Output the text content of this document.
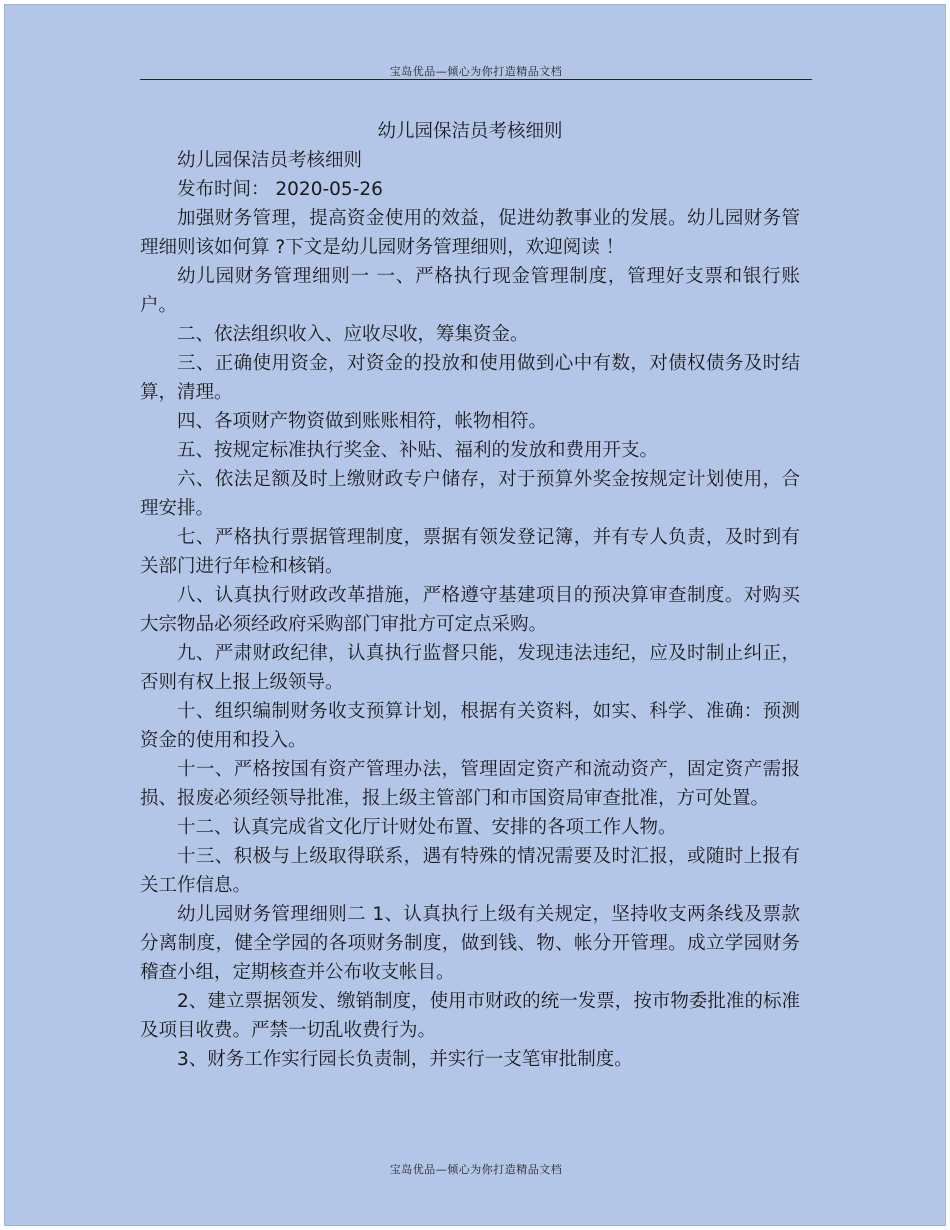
宝岛优品—倾心为你打造精品文档
幼儿园保洁员考核细则

幼儿园保洁员考核细则

发布时间： 2020-05-26

加强财务管理，提高资金使用的效益，促进幼教事业的发展。幼儿园财务管理细则该如何算 ?下文是幼儿园财务管理细则，欢迎阅读 ！

幼儿园财务管理细则一 一、严格执行现金管理制度，管理好支票和银行账户。

二、依法组织收入、应收尽收，筹集资金。

三、正确使用资金，对资金的投放和使用做到心中有数，对债权债务及时结算，清理。

四、各项财产物资做到账账相符，帐物相符。

五、按规定标准执行奖金、补贴、福利的发放和费用开支。

六、依法足额及时上缴财政专户储存，对于预算外奖金按规定计划使用，合理安排。

七、严格执行票据管理制度，票据有领发登记簿，并有专人负责，及时到有关部门进行年检和核销。

八、认真执行财政改革措施，严格遵守基建项目的预决算审查制度。对购买大宗物品必须经政府采购部门审批方可定点采购。

九、严肃财政纪律，认真执行监督只能，发现违法违纪，应及时制止纠正，否则有权上报上级领导。

十、组织编制财务收支预算计划，根据有关资料，如实、科学、准确：预测资金的使用和投入。

十一、严格按国有资产管理办法，管理固定资产和流动资产，固定资产需报损、报废必须经领导批准，报上级主管部门和市国资局审查批准，方可处置。

十二、认真完成省文化厅计财处布置、安排的各项工作人物。

十三、积极与上级取得联系，遇有特殊的情况需要及时汇报，或随时上报有关工作信息。

幼儿园财务管理细则二 1、认真执行上级有关规定，坚持收支两条线及票款分离制度，健全学园的各项财务制度，做到钱、物、帐分开管理。成立学园财务稽查小组，定期核查并公布收支帐目。

2、建立票据领发、缴销制度，使用市财政的统一发票，按市物委批准的标准及项目收费。严禁一切乱收费行为。

3、财务工作实行园长负责制，并实行一支笔审批制度。

宝岛优品—倾心为你打造精品文档
